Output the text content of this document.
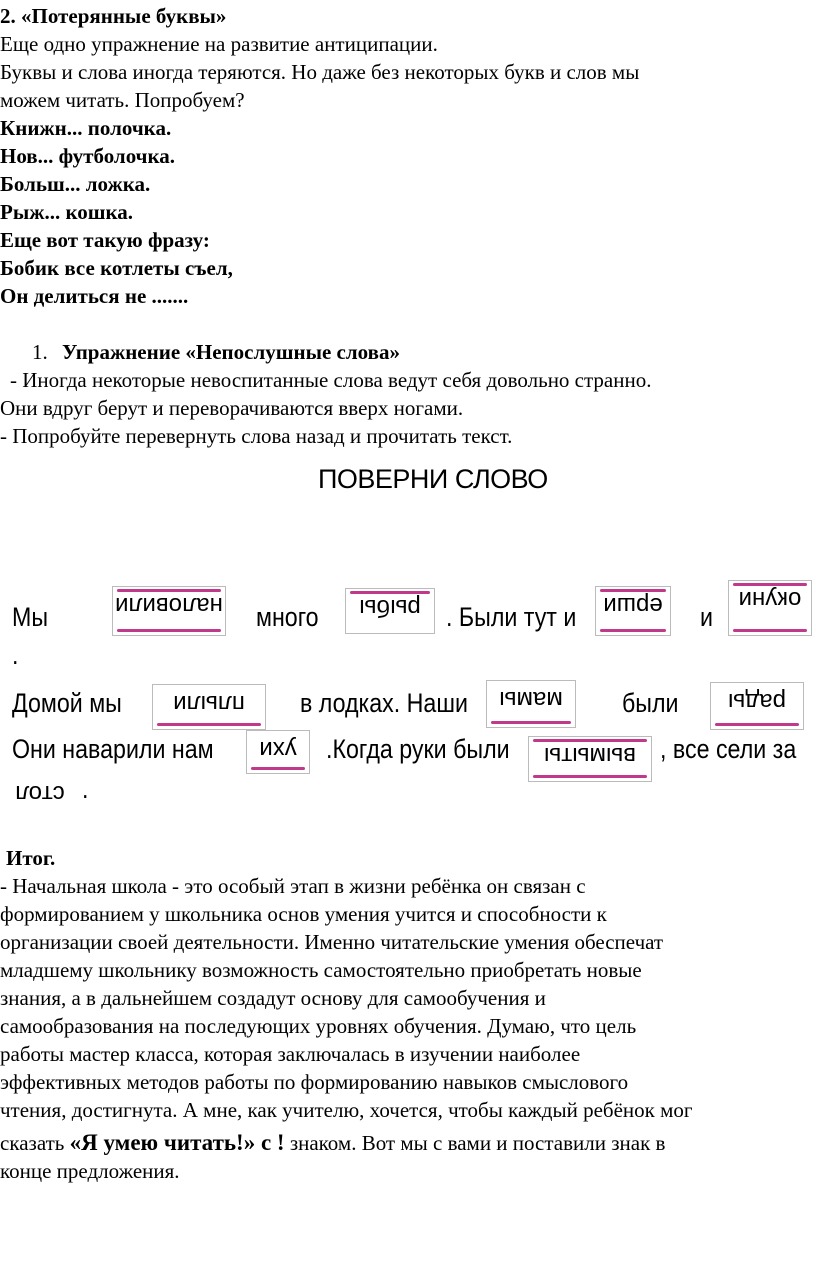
2. «Потерянные буквы»
Еще одно упражнение на развитие антиципации.
Буквы и слова иногда теряются. Но даже без некоторых букв и слов мы
можем читать. Попробуем?
Книжн... полочка.
Нов... футболочка.
Больш... ложка.
Рыж... кошка.
Еще вот такую фразу:
Бобик все котлеты съел,
Он делиться не .......
1. Упражнение «Непослушные слова»
- Иногда некоторые невоспитанные слова ведут себя довольно странно.
Они вдруг берут и переворачиваются вверх ногами.
- Попробуйте перевернуть слова назад и прочитать текст.
ПОВЕРНИ СЛОВО
Мы	наловили много	рыбы . Были тут и	ерши и
окуни
.
Домой мы	плыли	в лодках. Наши	мамы	были	рады
Они наварили нам	ухи	.Когда руки были	вымыты , все сели за
стол .
Итог.
- Начальная школа - это особый этап в жизни ребёнка он связан с
формированием у школьника основ умения учится и способности к
организации своей деятельности. Именно читательские умения обеспечат
младшему школьнику возможность самостоятельно приобретать новые
знания, а в дальнейшем создадут основу для самообучения и
самообразования на последующих уровнях обучения. Думаю, что цель
работы мастер класса, которая заключалась в изучении наиболее
эффективных методов работы по формированию навыков смыслового
чтения, достигнута. А мне, как учителю, хочется, чтобы каждый ребёнок мог
сказать «Я умею читать!» с ! знаком. Вот мы с вами и поставили знак в
конце предложения.
